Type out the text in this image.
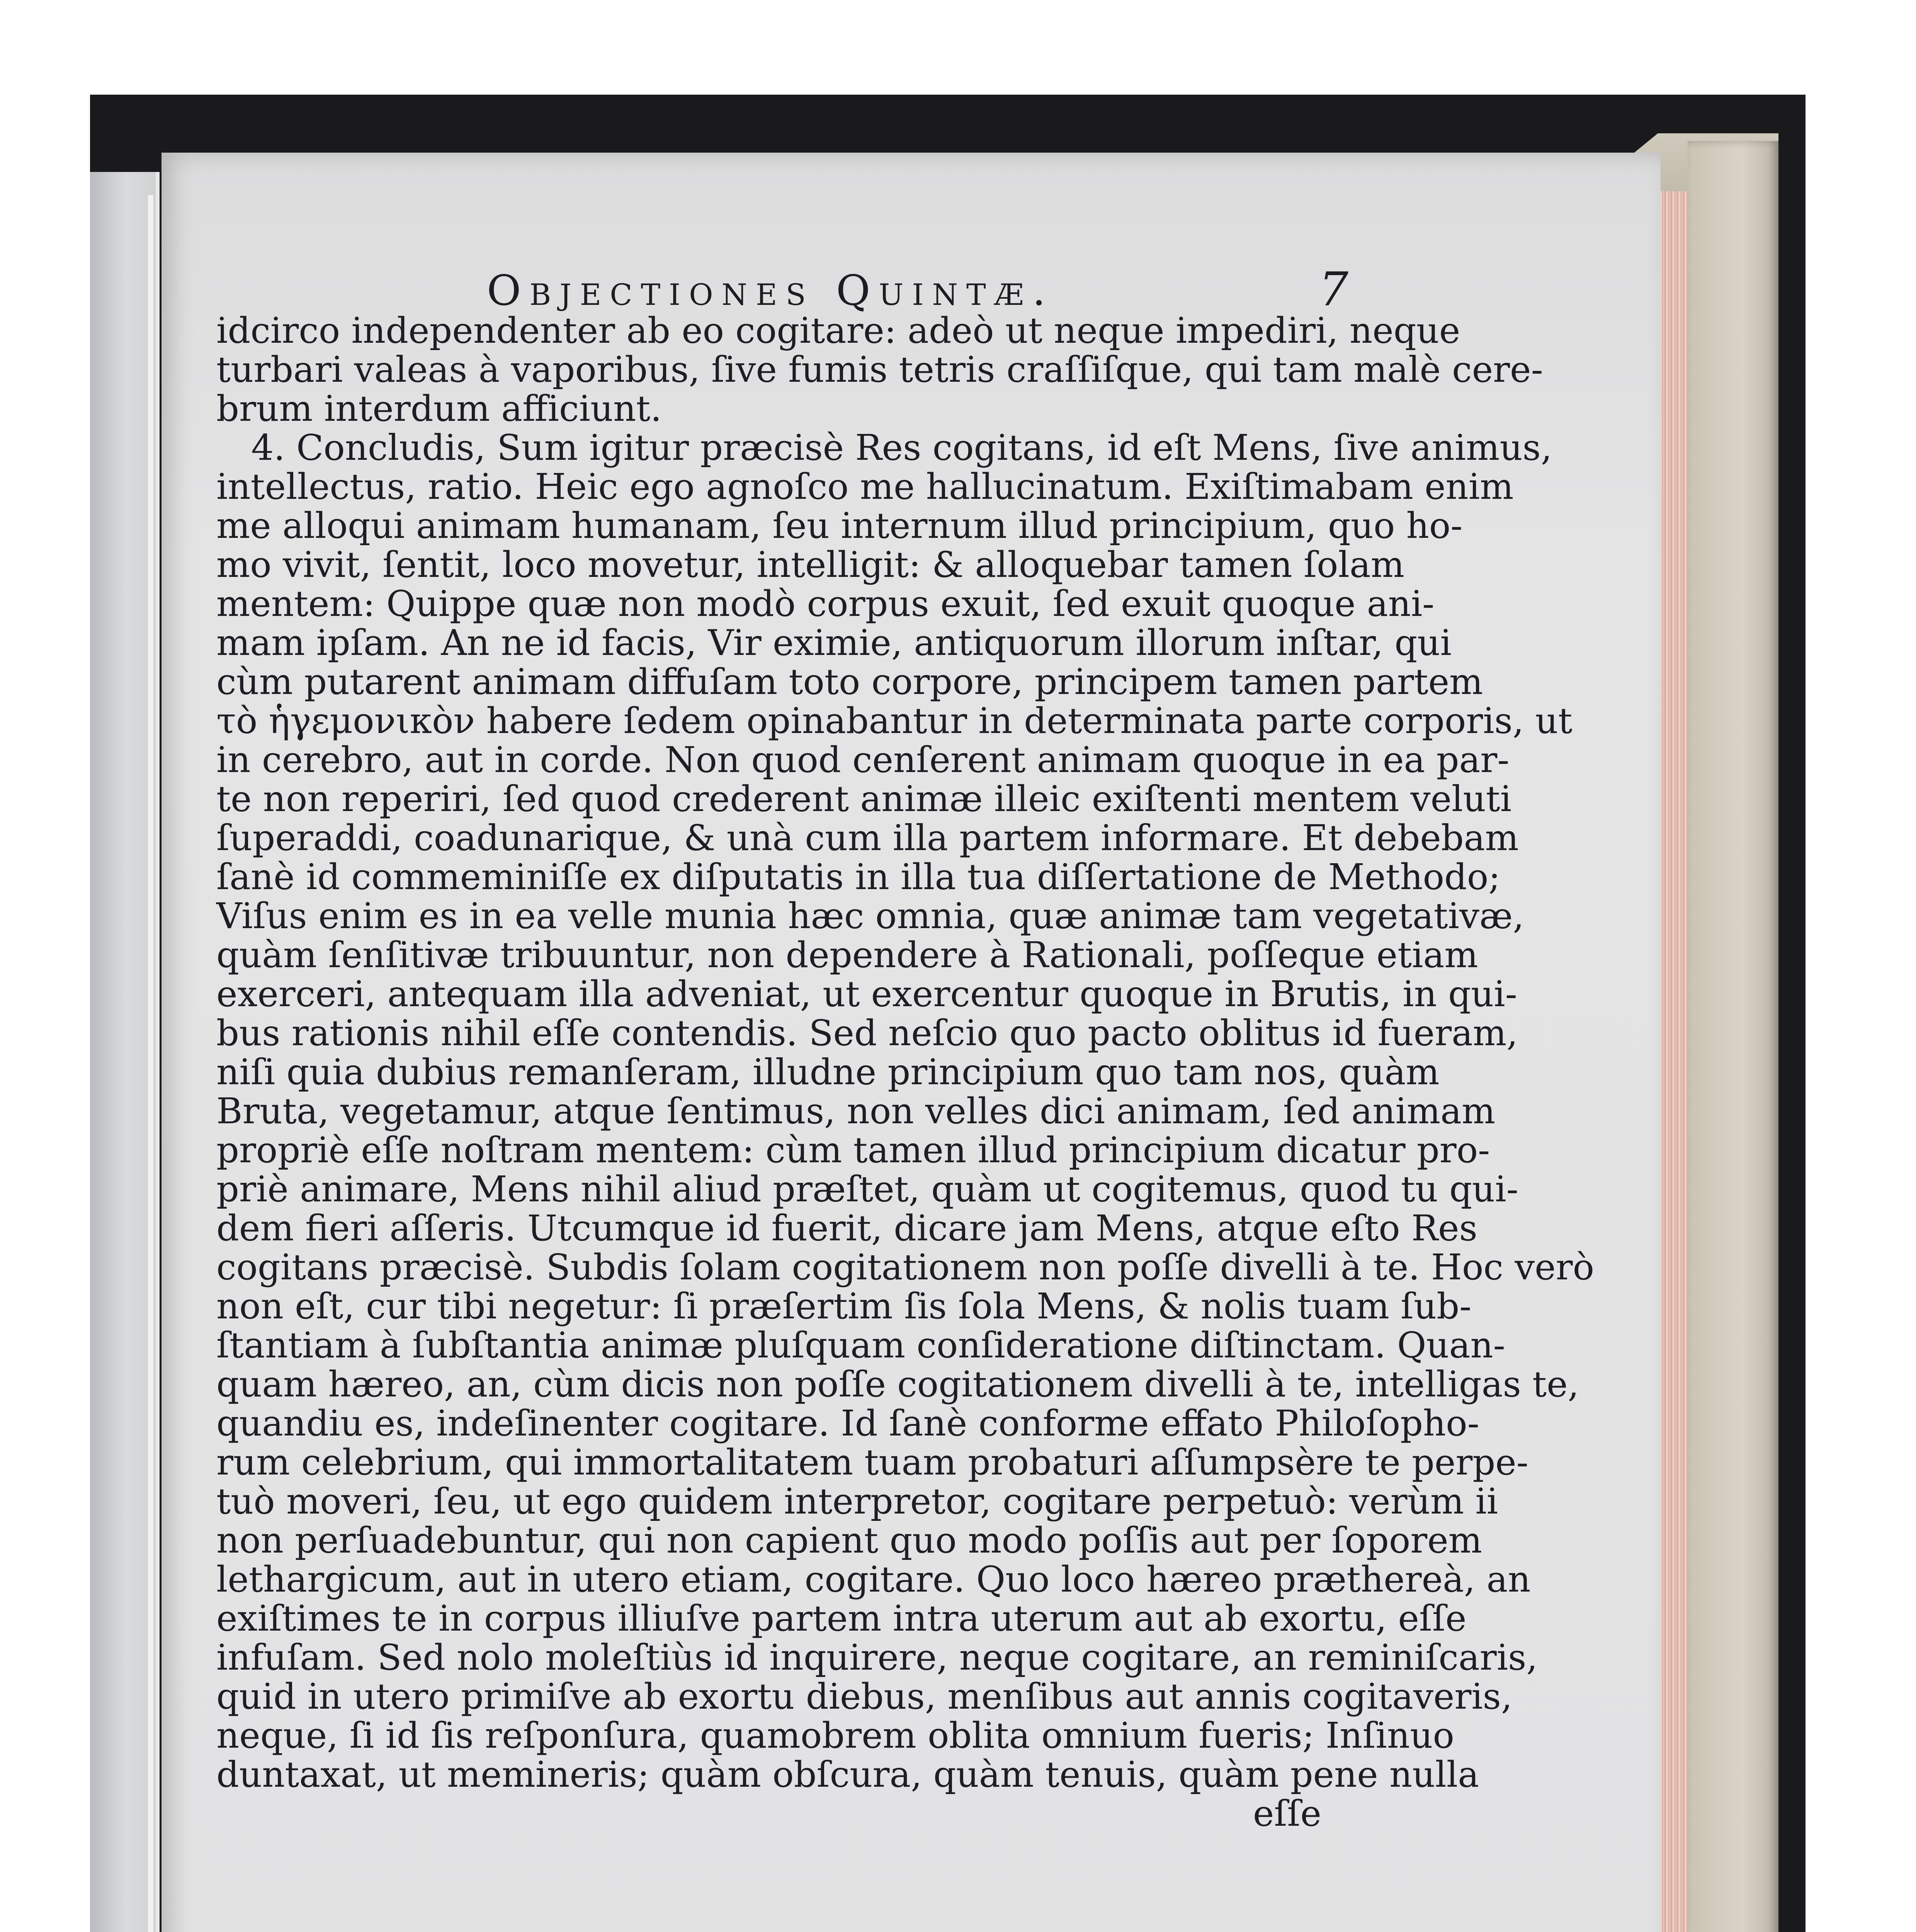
Objectiones Quintæ.	7
idcirco independenter ab eo cogitare: adeò ut neque impediri, neque
turbari valeas à vaporibus, ſive fumis tetris craſſiſque, qui tam malè cere-
brum interdum afficiunt.
4. Concludis, Sum igitur præcisè Res cogitans, id eſt Mens, ſive animus,
intellectus, ratio. Heic ego agnoſco me hallucinatum. Exiſtimabam enim
me alloqui animam humanam, ſeu internum illud principium, quo ho-
mo vivit, ſentit, loco movetur, intelligit: & alloquebar tamen ſolam
mentem: Quippe quæ non modò corpus exuit, ſed exuit quoque ani-
mam ipſam. An ne id facis, Vir eximie, antiquorum illorum inſtar, qui
cùm putarent animam diffuſam toto corpore, principem tamen partem
τὸ ἡγεμονικὸν habere ſedem opinabantur in determinata parte corporis, ut
in cerebro, aut in corde. Non quod cenſerent animam quoque in ea par-
te non reperiri, ſed quod crederent animæ illeic exiſtenti mentem veluti
ſuperaddi, coadunarique, & unà cum illa partem informare. Et debebam
ſanè id commeminiſſe ex diſputatis in illa tua diſſertatione de Methodo;
Viſus enim es in ea velle munia hæc omnia, quæ animæ tam vegetativæ,
quàm ſenſitivæ tribuuntur, non dependere à Rationali, poſſeque etiam
exerceri, antequam illa adveniat, ut exercentur quoque in Brutis, in qui-
bus rationis nihil eſſe contendis. Sed neſcio quo pacto oblitus id fueram,
niſi quia dubius remanſeram, illudne principium quo tam nos, quàm
Bruta, vegetamur, atque ſentimus, non velles dici animam, ſed animam
propriè eſſe noſtram mentem: cùm tamen illud principium dicatur pro-
priè animare, Mens nihil aliud præſtet, quàm ut cogitemus, quod tu qui-
dem fieri aſſeris. Utcumque id fuerit, dicare jam Mens, atque eſto Res
cogitans præcisè. Subdis ſolam cogitationem non poſſe divelli à te. Hoc verò
non eſt, cur tibi negetur: ſi præſertim ſis ſola Mens, & nolis tuam ſub-
ſtantiam à ſubſtantia animæ pluſquam conſideratione diſtinctam. Quan-
quam hæreo, an, cùm dicis non poſſe cogitationem divelli à te, intelligas te,
quandiu es, indeſinenter cogitare. Id ſanè conforme effato Philoſopho-
rum celebrium, qui immortalitatem tuam probaturi aſſumpsère te perpe-
tuò moveri, ſeu, ut ego quidem interpretor, cogitare perpetuò: verùm ii
non perſuadebuntur, qui non capient quo modo poſſis aut per ſoporem
lethargicum, aut in utero etiam, cogitare. Quo loco hæreo præthereà, an
exiſtimes te in corpus illiuſve partem intra uterum aut ab exortu, eſſe
infuſam. Sed nolo moleſtiùs id inquirere, neque cogitare, an reminiſcaris,
quid in utero primiſve ab exortu diebus, menſibus aut annis cogitaveris,
neque, ſi id ſis reſponſura, quamobrem oblita omnium fueris; Inſinuo
duntaxat, ut memineris; quàm obſcura, quàm tenuis, quàm pene nulla
eſſe
